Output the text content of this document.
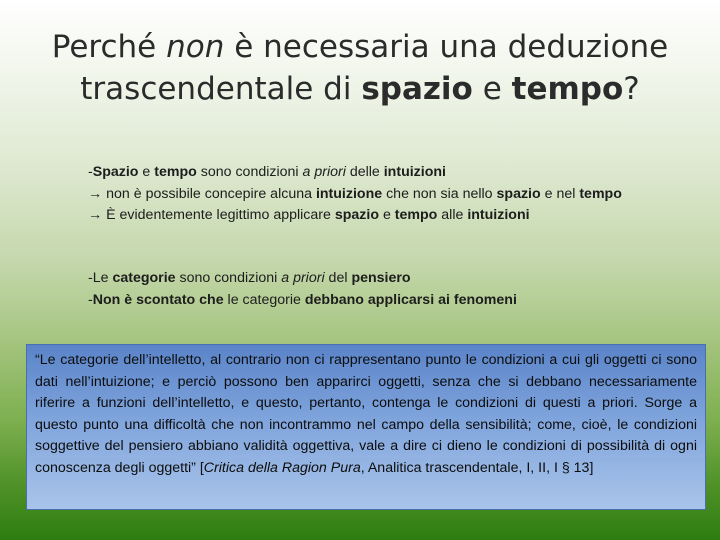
Perché non è necessaria una deduzione
trascendentale di spazio e tempo?
-Spazio e tempo sono condizioni a priori delle intuizioni
→ non è possibile concepire alcuna intuizione che non sia nello spazio e nel tempo
→ È evidentemente legittimo applicare spazio e tempo alle intuizioni
-Le categorie sono condizioni a priori del pensiero
-Non è scontato che le categorie debbano applicarsi ai fenomeni
“Le categorie dell’intelletto, al contrario non ci rappresentano punto le condizioni a cui gli oggetti ci sono dati nell’intuizione; e perciò possono ben apparirci oggetti, senza che si debbano necessariamente riferire a funzioni dell’intelletto, e questo, pertanto, contenga le condizioni di questi a priori. Sorge a questo punto una difficoltà che non incontrammo nel campo della sensibilità; come, cioè, le condizioni soggettive del pensiero abbiano validità oggettiva, vale a dire ci dieno le condizioni di possibilità di ogni conoscenza degli oggetti” [Critica della Ragion Pura, Analitica trascendentale, I, II, I § 13]
